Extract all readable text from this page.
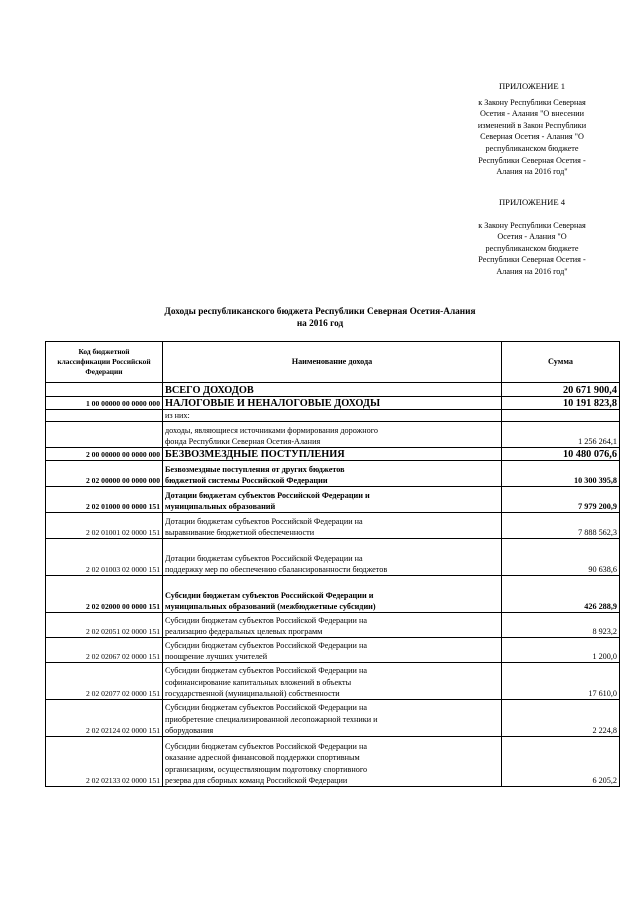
ПРИЛОЖЕНИЕ 1
к Закону Республики Северная
Осетия - Алания "О внесении
изменений в Закон Республики
Северная Осетия - Алания "О
республиканском бюджете
Республики Северная Осетия -
Алания на 2016 год"
ПРИЛОЖЕНИЕ 4
к Закону Республики Северная
Осетия - Алания "О
республиканском бюджете
Республики Северная Осетия -
Алания на 2016 год"
Доходы республиканского бюджета Республики Северная Осетия-Алания
на 2016 год
Код бюджетной
классификации Российской
Федерации	Наименование дохода	Сумма

	ВСЕГО ДОХОДОВ	20 671 900,4
1 00 00000 00 0000 000	НАЛОГОВЫЕ И НЕНАЛОГОВЫЕ ДОХОДЫ	10 191 823,8

	из них:	

	доходы, являющиеся источниками формирования дорожного
фонда Республики Северная Осетия-Алания	1 256 264,1
2 00 00000 00 0000 000	БЕЗВОЗМЕЗДНЫЕ ПОСТУПЛЕНИЯ	10 480 076,6
2 02 00000 00 0000 000	Безвозмездные поступления от других бюджетов
бюджетной системы Российской Федерации	10 300 395,8
2 02 01000 00 0000 151	Дотации бюджетам субъектов Российской Федерации и
муниципальных образований	7 979 200,9
2 02 01001 02 0000 151	Дотации бюджетам субъектов Российской Федерации на
выравнивание бюджетной обеспеченности	7 888 562,3
2 02 01003 02 0000 151	Дотации бюджетам субъектов Российской Федерации на
поддержку мер по обеспечению сбалансированности бюджетов	90 638,6
2 02 02000 00 0000 151	Субсидии бюджетам субъектов Российской Федерации и
муниципальных образований (межбюджетные субсидии)	426 288,9
2 02 02051 02 0000 151	Субсидии бюджетам субъектов Российской Федерации на
реализацию федеральных целевых программ	8 923,2
2 02 02067 02 0000 151	Субсидии бюджетам субъектов Российской Федерации на
поощрение лучших учителей	1 200,0
2 02 02077 02 0000 151	Субсидии бюджетам субъектов Российской Федерации на
софинансирование капитальных вложений в объекты
государственной (муниципальной) собственности	17 610,0
2 02 02124 02 0000 151	Субсидии бюджетам субъектов Российской Федерации на
приобретение специализированной лесопожарной техники и
оборудования	2 224,8
2 02 02133 02 0000 151	Субсидии бюджетам субъектов Российской Федерации на
оказание адресной финансовой поддержки спортивным
организациям, осуществляющим подготовку спортивного
резерва для сборных команд Российской Федерации	6 205,2
